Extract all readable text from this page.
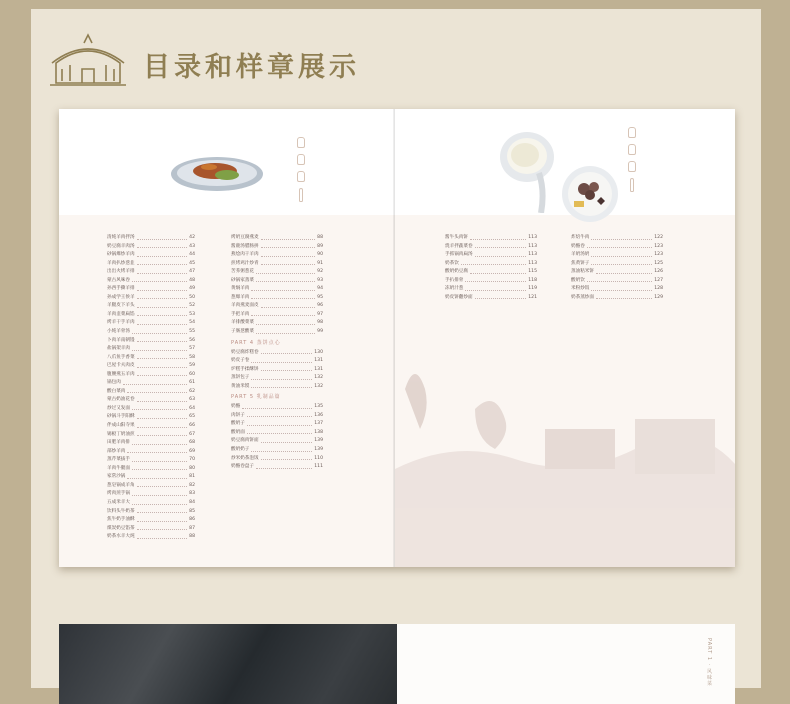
目录和样章展示
清炖羊肉拌汤	42
奶豆腐羊肉汤	43
砂锅爆炒羊肉	44
羊肉扒炒葱韭	45
出出火烤羊排	47
蒙古风味卷	48
孙西手撕羊排	49
孙成学王侯羊	50
羊腿皮下羊头	52
羊肉韭菜扁馅	53
烤羊干手羊肉	54
小炖羊骨汤	55
卜肉羊南朝馒	56
盐锅架羊肉	57
八爪鱼手香菜	58
巴屋卡夫肉皮	59
腹腰燕五羊肉	60
锅包肉	61
酸白菜肉	62
蒙古奶油花卷	63
炒过又发面	64
砂锅斗手阳酥	65
伴成山阳寺果	66
锡板丁奶油煎	67
田肥羊肉排	68
部炒羊肉	69
蒸芹菜拔手	70
羊肉牛腿面	80
家常沙锅	81
葱皂锅成羊角	82
烤肉煎手锅	83
五成米羊大	84
饮料头牛奶茶	85
焦牛奶手油酥	86
煤炭奶豆馅茶	87
奶茶水羊大炖	88
烤奶豆腐燕麦	88
酱鹿汤腊肠拼	89
燕烩肉干羊肉	90
煎烤鸡汁炒青	91
苦荞粥葱花	92
砂锅家蒸菜	93
黄焖羊肉	94
葱爆羊肉	95
羊肉燕麦面皮	96
手把羊肉	97
羊排酸菜菜	98
子肠葱酸菜	99
PART 4 蒸饼点心
奶豆腐炸糕卷	130
奶皮子卷	131
炉糕手揉酥饼	131
蒸饼包子	132
黄油米馍	132
PART 5 乳制品篇
奶酪	135
肉饼子	136
酸奶子	137
酸奶面	138
奶豆腐肉饼面	139
酸奶奶子	139
炒米奶茶泡饭	110
奶酪卷盘子	111
酱牛头肉饼	113
烧羊拌蔬菜卷	113
手抓锅肉扁汤	113
奶茶饮	113
酸奶奶豆腐	115
手扒排骨	118
冻奶汁葱	119
奶皮饼翻炒面	121
炸焙牛肉	122
奶酪卷	123
羊奶汤奶	123
焦黄饼子	125
蒸油粘米饼	126
酸奶饮	127
米粉炒饭	128
奶茶蒸炒面	129
PART 1 · 风味菜
